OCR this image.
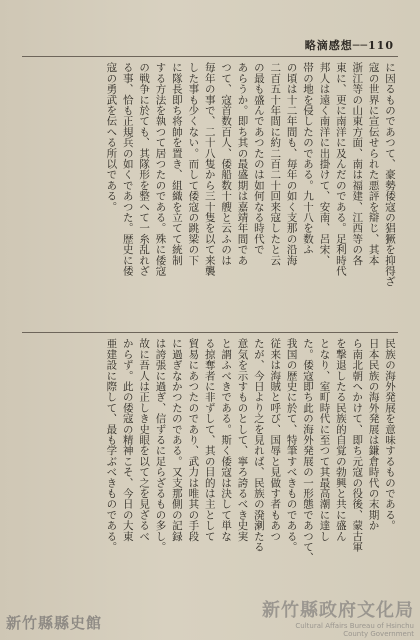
略滴感想──110
に因るものであつて、豪勢倭寇の猖獗を抑得ざ
寇の世界に宣伝せられた悪評を辯じ、其本
浙江等の山東方面、南は福建、江西等の各
東に、更に南洋に及んだのである。足利時代
邦人は遠く南洋に出掛けて、安南、呂宋、
帯の地を侵したのである。九十八を数ふ
の頃は十二年間も、毎年の如く支那の沿海
二百五十年間に約二百二十回来寇したと云
の最も盛んであつたのは如何なる時代で
あらうか。即ち其の最盛期は嘉靖年間であ
つて、寇首数百人、倭船数十艘と云ふのは
毎年の事で、二十八隻から三十隻を以て来襲
した事も少くない。而して倭寇の跳梁の下
に隊長即ち将帥を置き、組織を立てて統制
する方法を執つて居つたのである。殊に倭寇
の戦争に於ても、其隊形を整へて一糸乱れざ
る事、恰も正規兵の如くであつた。歴史に倭
寇の勇武を伝へる所以である。
民族の海外発展を意味するものである。
日本民族の海外発展は鎌倉時代の末期か
ら南北朝へかけて、即ち元寇の役後、蒙古軍
を撃退したる民族的自覚の勃興と共に盛ん
となり、室町時代に至つて其最高潮に達し
た。倭寇即ち此の海外発展の一形態であつて、
我国の歴史に於て、特筆すべきものである。
従来は海賊と呼び、国辱と見做す者もあつ
たが、今日より之を見れば、民族の溌溂たる
意気を示すものとして、寧ろ誇るべき史実
と謂ふべきである。斯く倭寇は決して単な
る掠奪者に非ずして、其の目的は主として
貿易にあつたのであり、武力は唯其の手段
に過ぎなかつたのである。又支那側の記録
は誇張に過ぎ、信ずるに足らざるもの多し。
故に吾人は正しき史眼を以て之を見ざるべ
からず。此の倭寇の精神こそ、今日の大東
亜建設に際して、最も学ぶべきものである。
新竹縣縣史館
新竹縣政府文化局
Cultural Affairs Bureau of Hsinchu
County Government
